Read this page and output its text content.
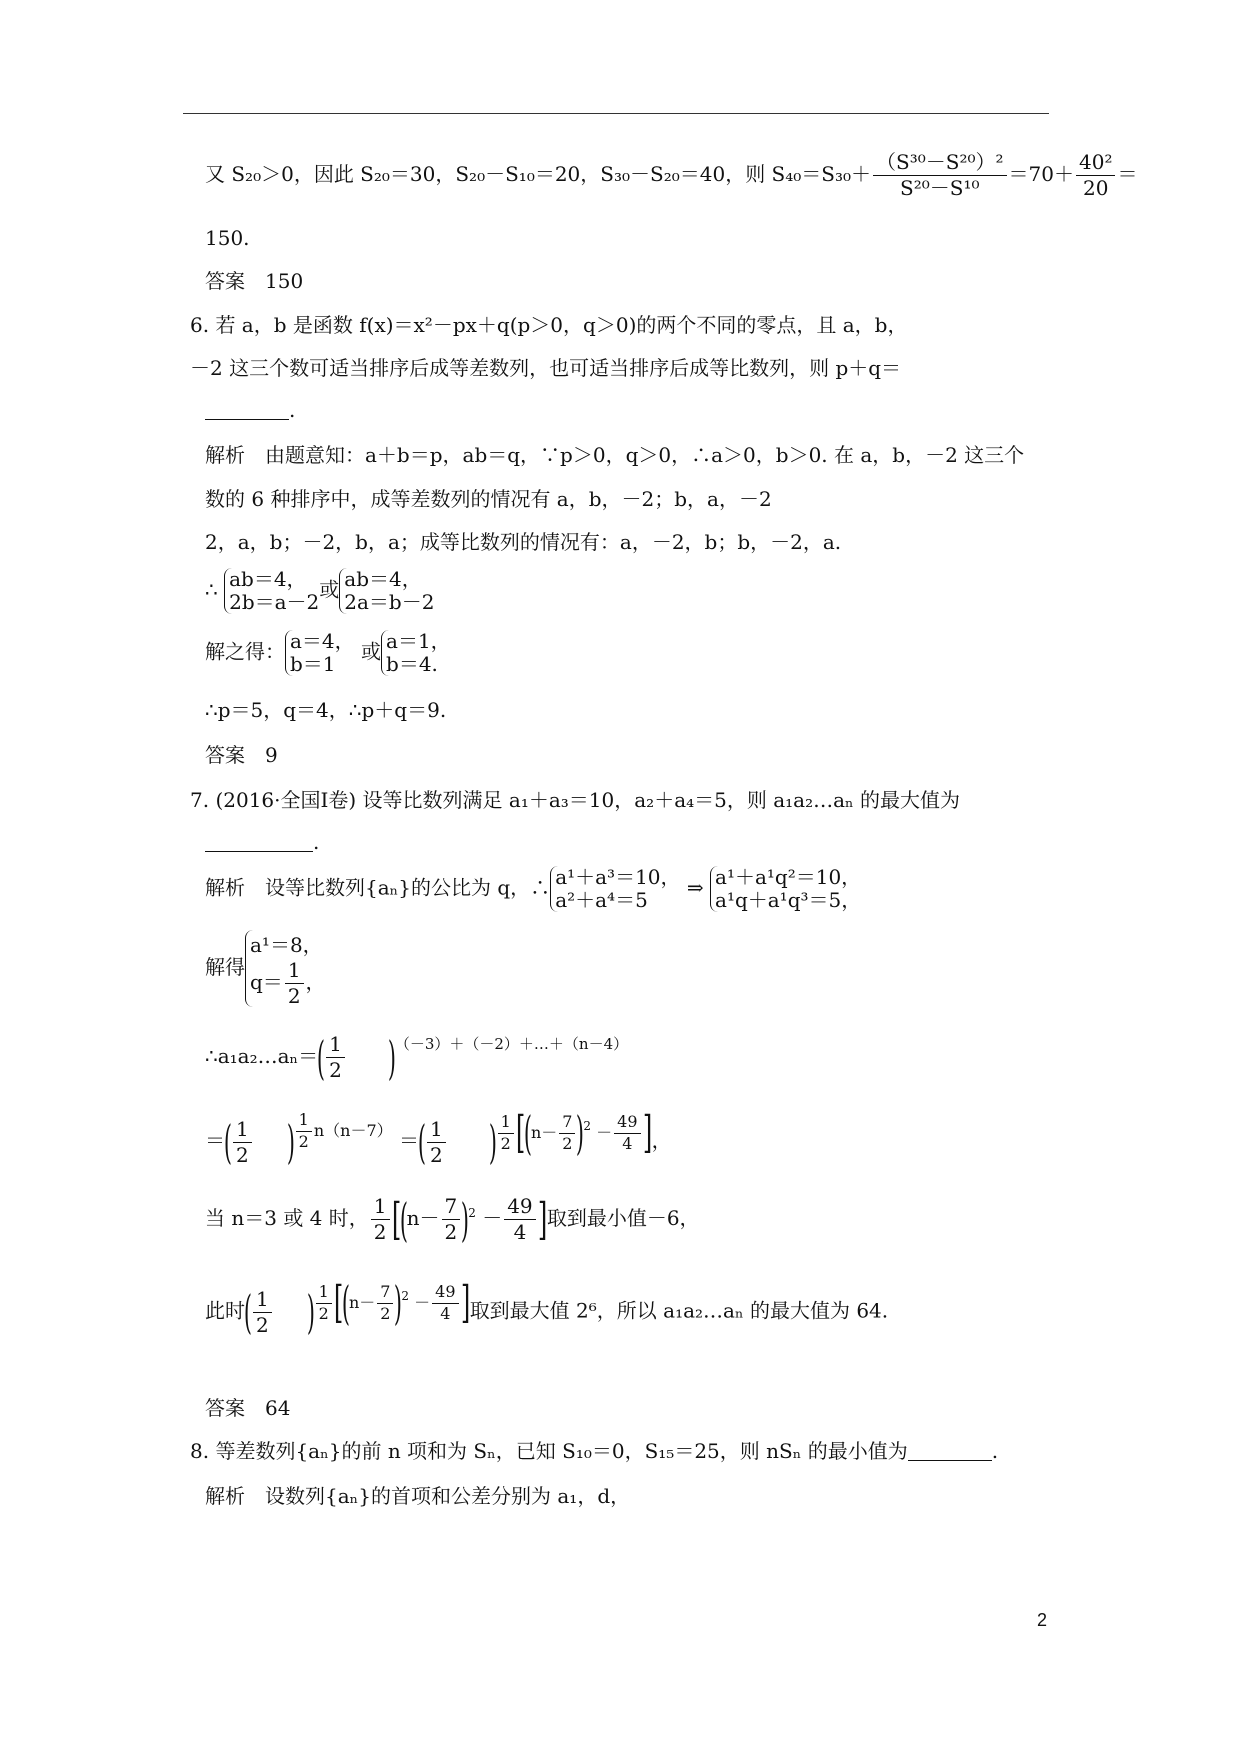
又 S₂₀＞0，因此 S₂₀＝30，S₂₀－S₁₀＝20，S₃₀－S₂₀＝40，则 $S_{40}=S_{30}+ \frac{\text{（S³⁰－S²⁰）²}}{\text{S²⁰－S¹⁰}} =70+ \frac{\text{40²}}{20}$ ＝
150.
答案　150
6. 若 a，b 是函数 f(x)＝x²－px＋q(p＞0，q＞0)的两个不同的零点，且 a，b，
－2 这三个数可适当排序后成等差数列，也可适当排序后成等比数列，则 p＋q＝
.
解析　由题意知：a＋b＝p，ab＝q，∵p＞0，q＞0，∴a＞0，b＞0. 在 a，b，－2 这三个
数的 6 种排序中，成等差数列的情况有 a，b，－2；b，a，－2
2，a，b；－2，b，a；成等比数列的情况有：a，－2，b；b，－2，a.
∴ ab＝4，
2b＝a－2
或 ab＝4，
2a＝b－2
解之得： a＝4，
b＝1
或 a＝1，
b＝4.
∴p＝5，q＝4，∴p＋q＝9.
答案　9
7. (2016·全国Ⅰ卷) 设等比数列满足 a₁＋a₃＝10，a₂＋a₄＝5，则 a₁a₂…aₙ 的最大值为
.
解析　设等比数列{aₙ}的公比为 q，∴ a¹＋a³＝10，
a²＋a⁴＝5
⇒ a¹＋a¹q²＝10，
a¹q＋a¹q³＝5，
解得
a¹＝8，
$q= \frac{1}{2}$ ，
∴a₁a₂…aₙ＝( $\frac{1}{2} )^{(-3)+(-2)+\dots+(n-4)}$
＝( $\frac{1}{2}$ ) $^{\frac{1}{2} n(n-7)}$ ＝( $\frac{1}{2}$ ) $^{\frac{1}{2} [(n- \frac{7}{2} )^2 - \frac{49}{4} ]}$，
当 n＝3 或 4 时， $\frac{1}{2} [(n- \frac{7}{2} )^2 - \frac{49}{4}$ ]取到最小值－6，
此时( $\frac{1}{2}$ ) $^{\frac{1}{2} [(n- \frac{7}{2} )^2 - \frac{49}{4} ]}$取到最大值 2⁶，所以 a₁a₂…aₙ 的最大值为 64.
答案　64
8. 等差数列{aₙ}的前 n 项和为 Sₙ，已知 S₁₀＝0，S₁₅＝25，则 nSₙ 的最小值为	.
解析　设数列{aₙ}的首项和公差分别为 a₁，d，
2
